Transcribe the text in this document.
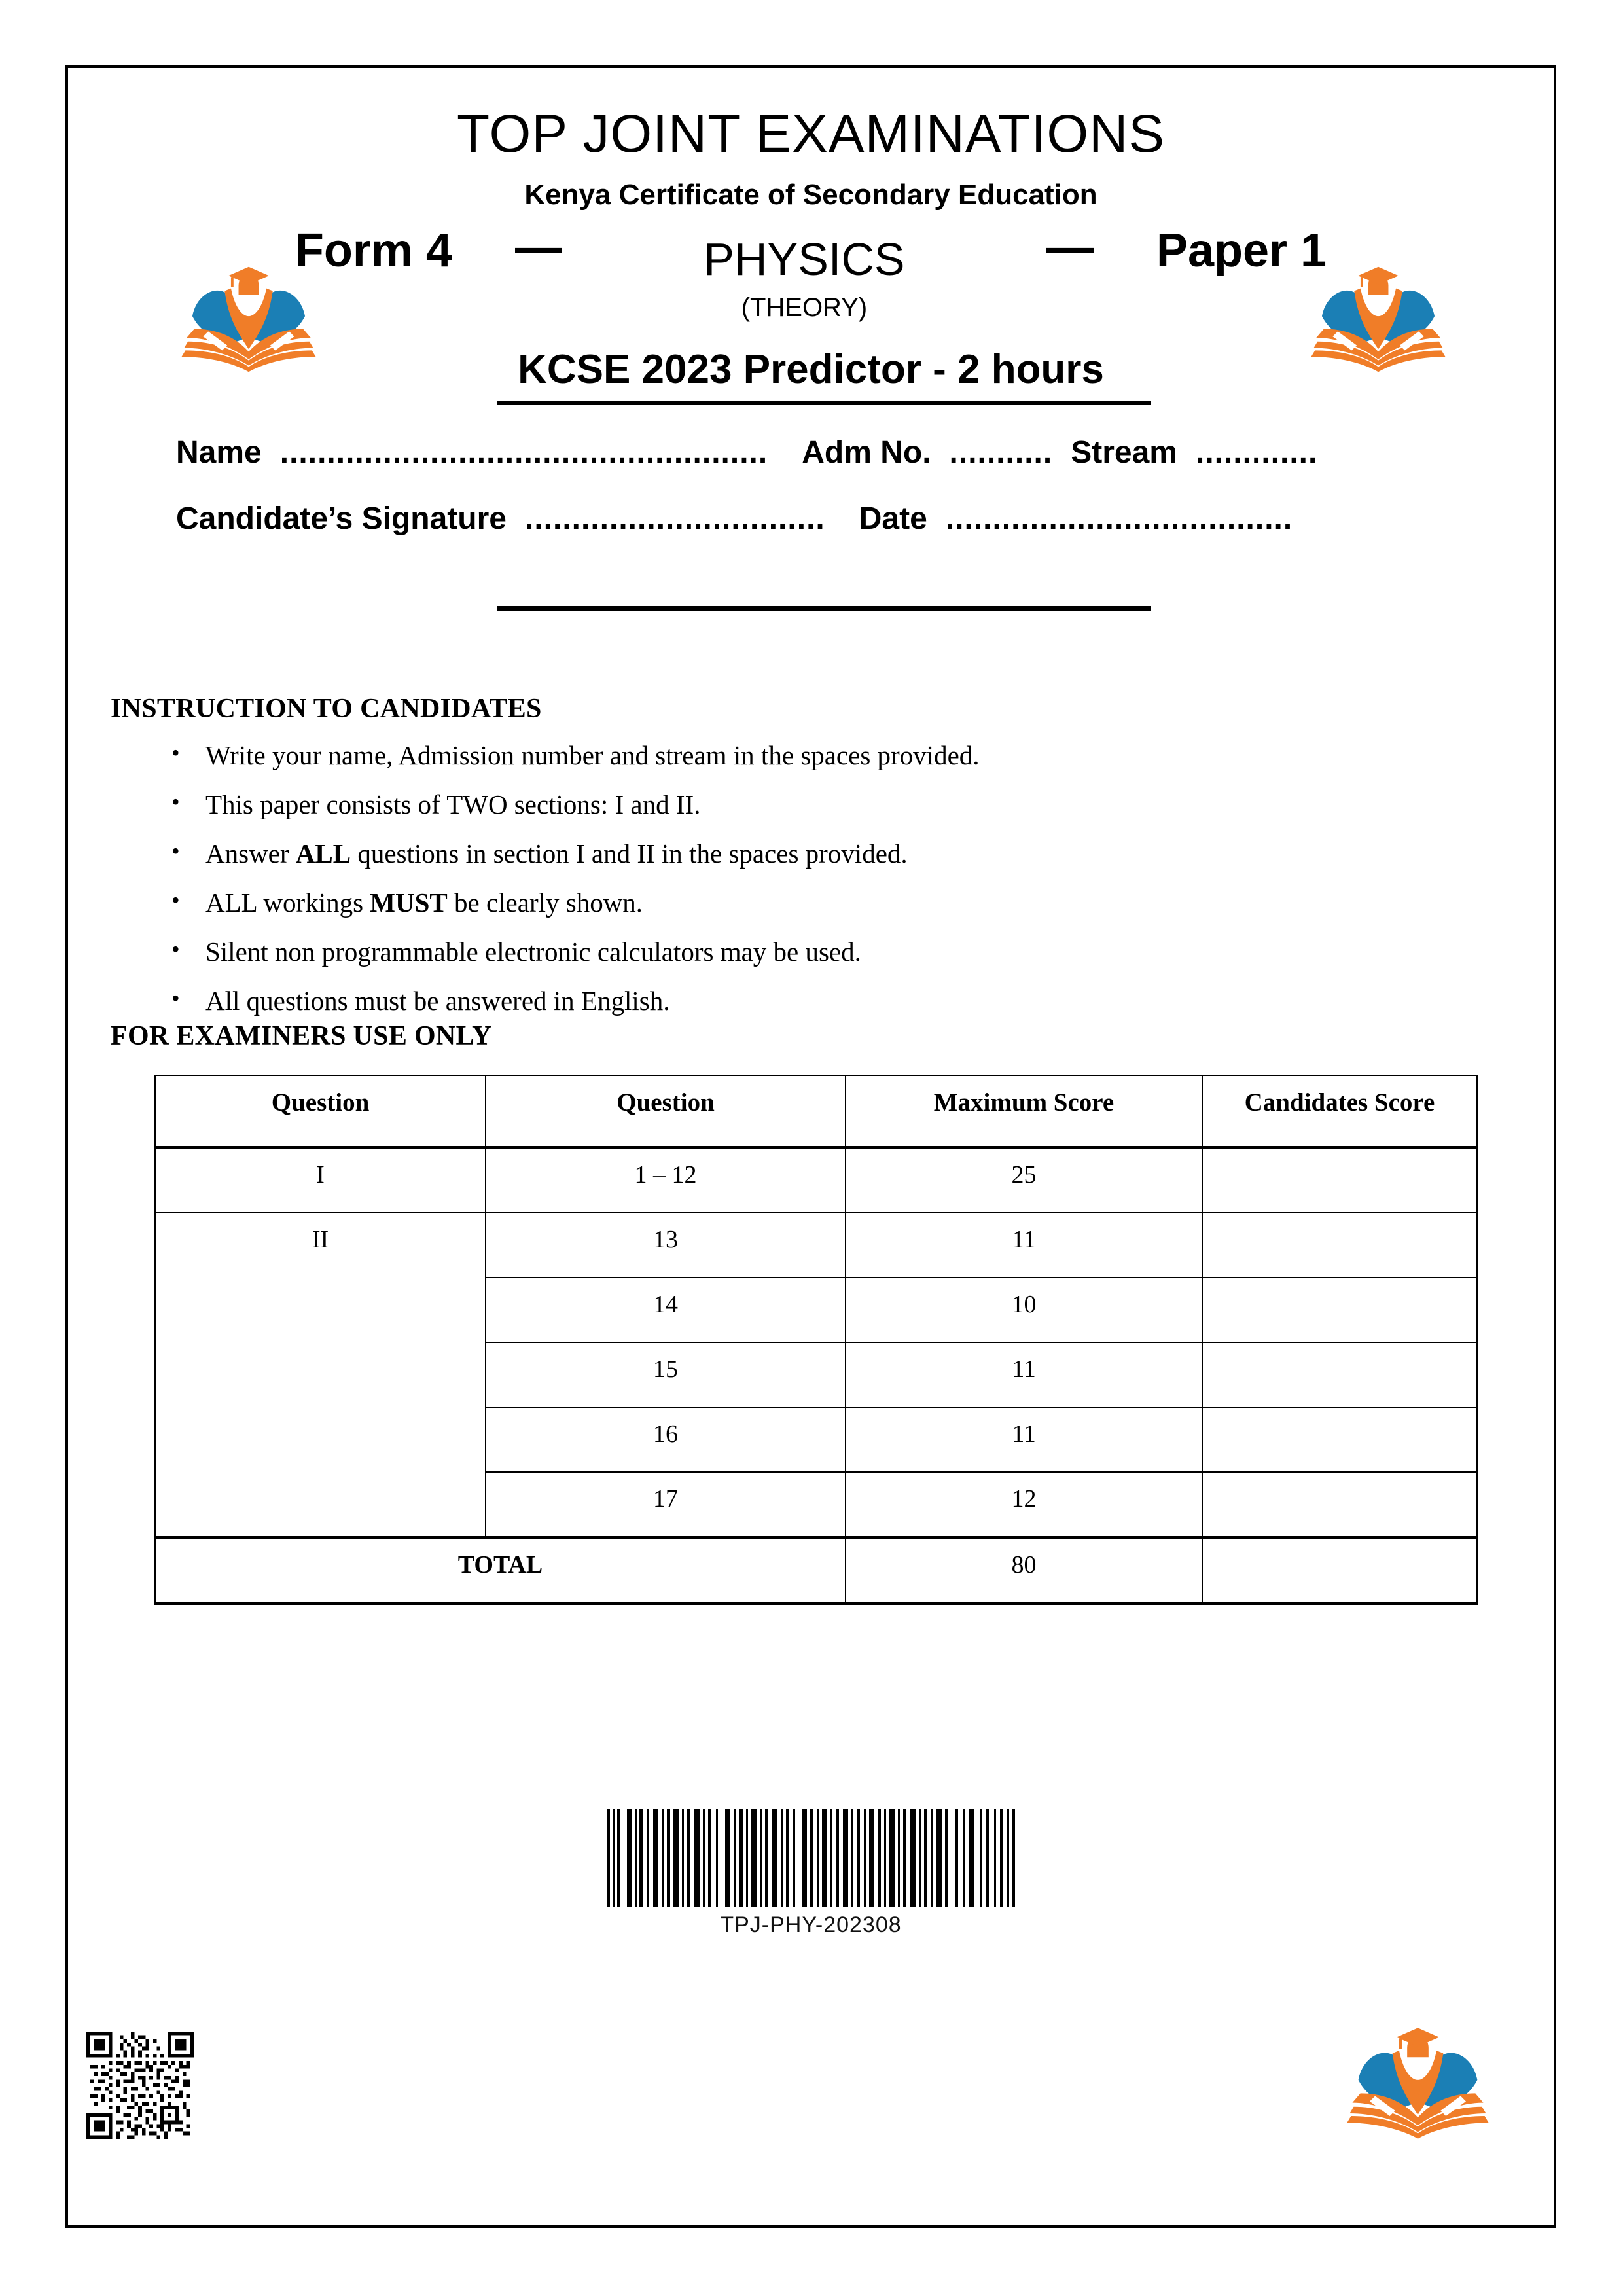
TOP JOINT EXAMINATIONS
Kenya Certificate of Secondary Education
Form 4 —	PHYSICS
(THEORY)
— Paper 1
KCSE 2023 Predictor - 2 hours
Name .................................................... Adm No. ........... Stream .............
Candidate’s Signature ................................ Date .....................................
INSTRUCTION TO CANDIDATES
• Write your name, Admission number and stream in the spaces provided.
• This paper consists of TWO sections: I and II.
• Answer ALL questions in section I and II in the spaces provided.
• ALL workings MUST be clearly shown.
• Silent non programmable electronic calculators may be used.
• All questions must be answered in English.
FOR EXAMINERS USE ONLY
Question	Question	Maximum Score	Candidates Score
I	1 – 12	25	
II	13	11	
	14	10	
	15	11	
	16	11	
	17	12	
TOTAL		80	
TPJ-PHY-202308
